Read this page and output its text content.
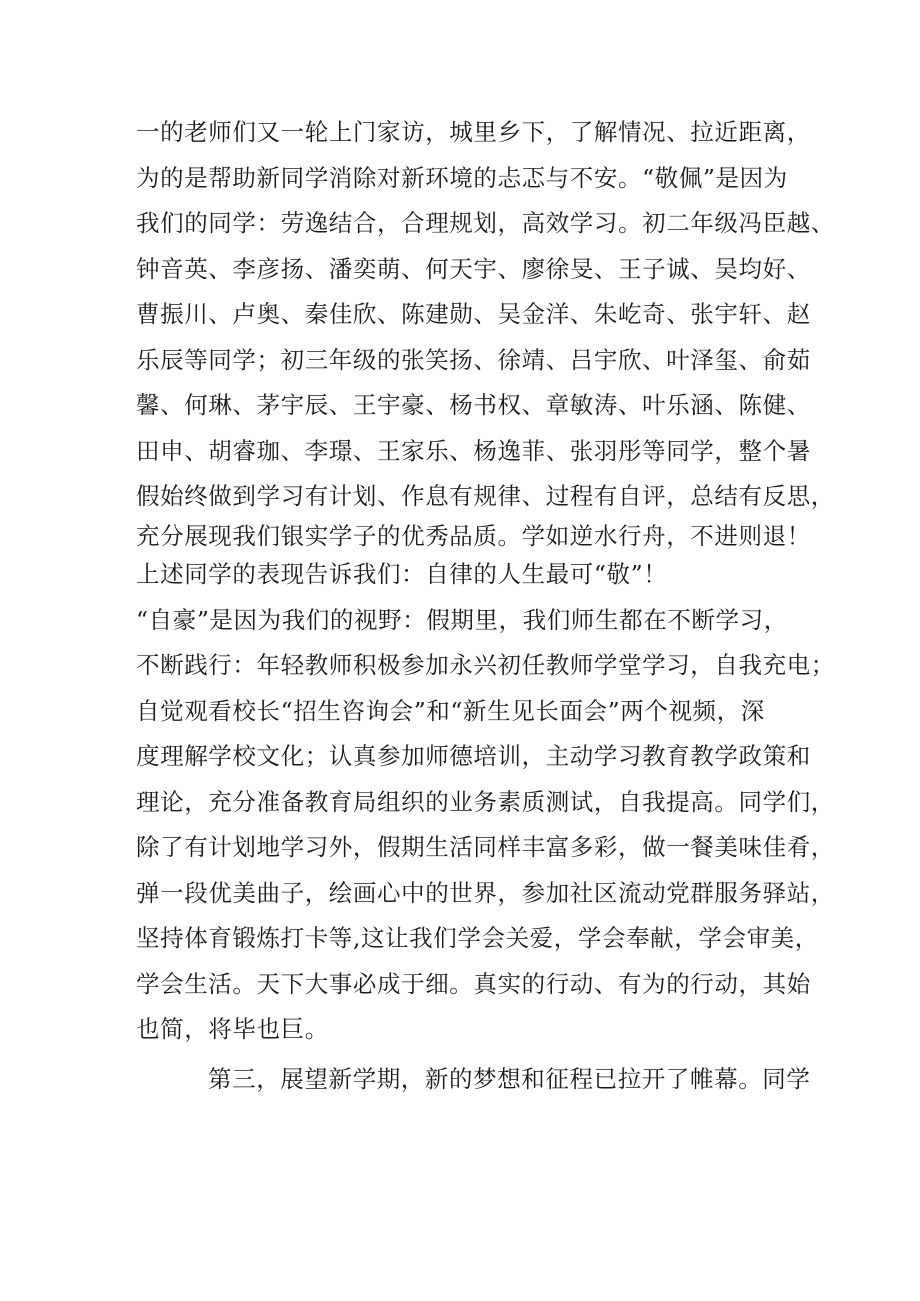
一的老师们又一轮上门家访，城里乡下，了解情况、拉近距离，
为的是帮助新同学消除对新环境的忐忑与不安。“敬佩”是因为
我们的同学：劳逸结合，合理规划，高效学习。初二年级冯臣越、
钟音英、李彦扬、潘奕萌、何天宇、廖徐旻、王子诚、吴均好、
曹振川、卢奥、秦佳欣、陈建勋、吴金洋、朱屹奇、张宇轩、赵
乐辰等同学；初三年级的张笑扬、徐靖、吕宇欣、叶泽玺、俞茹
馨、何琳、茅宇辰、王宇豪、杨书权、章敏涛、叶乐涵、陈健、
田申、胡睿珈、李璟、王家乐、杨逸菲、张羽彤等同学，整个暑
假始终做到学习有计划、作息有规律、过程有自评，总结有反思，
充分展现我们银实学子的优秀品质。学如逆水行舟，不进则退！
上述同学的表现告诉我们：自律的人生最可“敬”！
“自豪”是因为我们的视野：假期里，我们师生都在不断学习，
不断践行：年轻教师积极参加永兴初任教师学堂学习，自我充电；
自觉观看校长“招生咨询会”和“新生见长面会”两个视频，深
度理解学校文化；认真参加师德培训，主动学习教育教学政策和
理论，充分准备教育局组织的业务素质测试，自我提高。同学们，
除了有计划地学习外，假期生活同样丰富多彩，做一餐美味佳肴，
弹一段优美曲子，绘画心中的世界，参加社区流动党群服务驿站，
坚持体育锻炼打卡等,这让我们学会关爱，学会奉献，学会审美，
学会生活。天下大事必成于细。真实的行动、有为的行动，其始
也简，将毕也巨。
第三，展望新学期，新的梦想和征程已拉开了帷幕。同学
